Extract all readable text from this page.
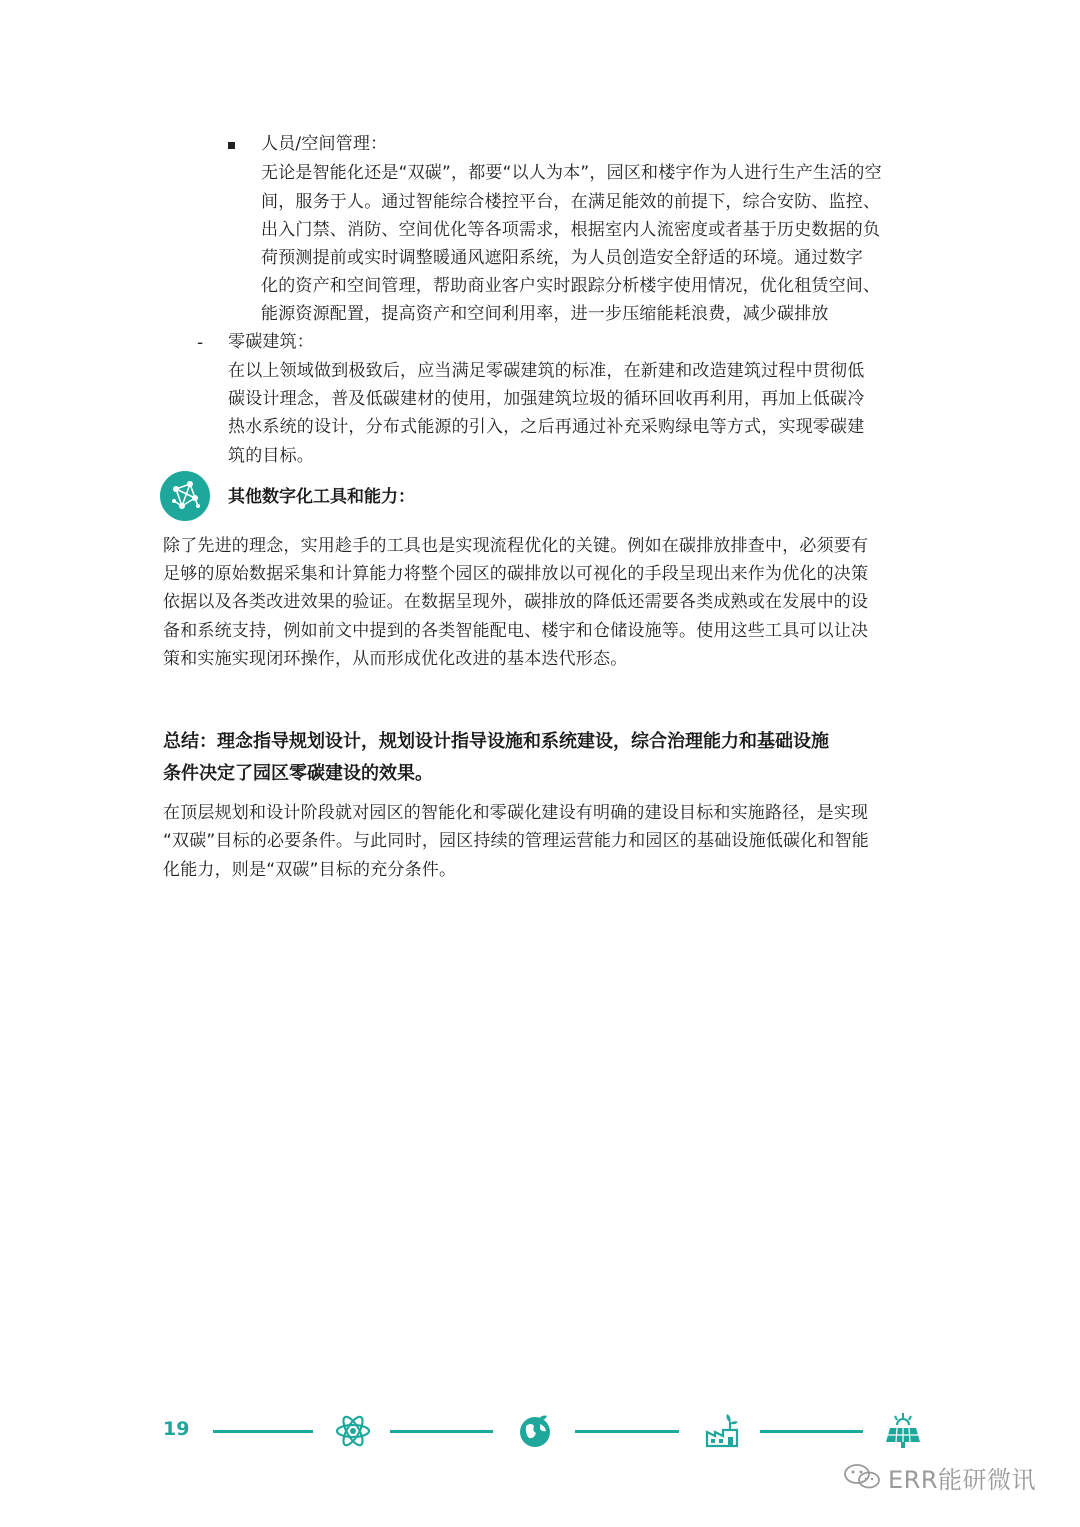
人员/空间管理：
无论是智能化还是“双碳”，都要“以人为本”，园区和楼宇作为人进行生产生活的空
间，服务于人。通过智能综合楼控平台，在满足能效的前提下，综合安防、监控、
出入门禁、消防、空间优化等各项需求，根据室内人流密度或者基于历史数据的负
荷预测提前或实时调整暖通风遮阳系统，为人员创造安全舒适的环境。通过数字
化的资产和空间管理，帮助商业客户实时跟踪分析楼宇使用情况，优化租赁空间、
能源资源配置，提高资产和空间利用率，进一步压缩能耗浪费，减少碳排放
- 零碳建筑：
在以上领域做到极致后，应当满足零碳建筑的标准，在新建和改造建筑过程中贯彻低
碳设计理念，普及低碳建材的使用，加强建筑垃圾的循环回收再利用，再加上低碳冷
热水系统的设计，分布式能源的引入，之后再通过补充采购绿电等方式，实现零碳建
筑的目标。
其他数字化工具和能力：
除了先进的理念，实用趁手的工具也是实现流程优化的关键。例如在碳排放排查中，必须要有
足够的原始数据采集和计算能力将整个园区的碳排放以可视化的手段呈现出来作为优化的决策
依据以及各类改进效果的验证。在数据呈现外，碳排放的降低还需要各类成熟或在发展中的设
备和系统支持，例如前文中提到的各类智能配电、楼宇和仓储设施等。使用这些工具可以让决
策和实施实现闭环操作，从而形成优化改进的基本迭代形态。
总结：理念指导规划设计，规划设计指导设施和系统建设，综合治理能力和基础设施
条件决定了园区零碳建设的效果。
在顶层规划和设计阶段就对园区的智能化和零碳化建设有明确的建设目标和实施路径，是实现
“双碳”目标的必要条件。与此同时，园区持续的管理运营能力和园区的基础设施低碳化和智能
化能力，则是“双碳”目标的充分条件。
19
ERR能研微讯
